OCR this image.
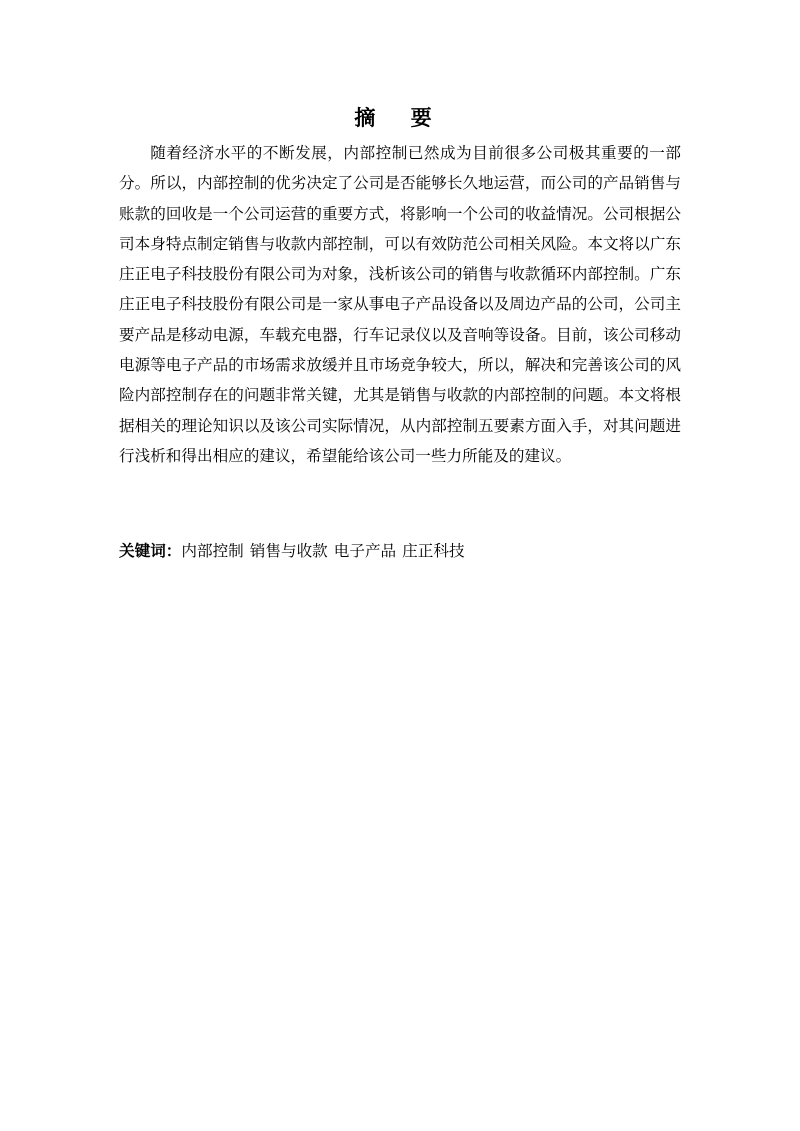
摘 要

随着经济水平的不断发展，内部控制已然成为目前很多公司极其重要的一部分。所以，内部控制的优劣决定了公司是否能够长久地运营，而公司的产品销售与账款的回收是一个公司运营的重要方式，将影响一个公司的收益情况。公司根据公司本身特点制定销售与收款内部控制，可以有效防范公司相关风险。本文将以广东庄正电子科技股份有限公司为对象，浅析该公司的销售与收款循环内部控制。广东庄正电子科技股份有限公司是一家从事电子产品设备以及周边产品的公司，公司主要产品是移动电源，车载充电器，行车记录仪以及音响等设备。目前，该公司移动电源等电子产品的市场需求放缓并且市场竞争较大，所以，解决和完善该公司的风险内部控制存在的问题非常关键，尤其是销售与收款的内部控制的问题。本文将根据相关的理论知识以及该公司实际情况，从内部控制五要素方面入手，对其问题进行浅析和得出相应的建议，希望能给该公司一些力所能及的建议。

关键词：内部控制 销售与收款 电子产品 庄正科技
